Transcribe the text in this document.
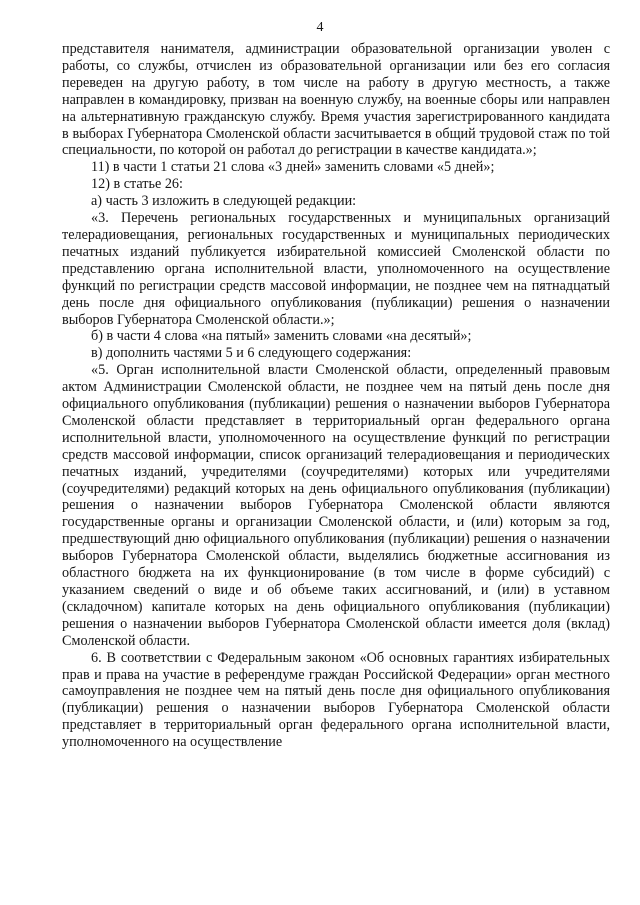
4

представителя нанимателя, администрации образовательной организации уволен с работы, со службы, отчислен из образовательной организации или без его согласия переведен на другую работу, в том числе на работу в другую местность, а также направлен в командировку, призван на военную службу, на военные сборы или направлен на альтернативную гражданскую службу. Время участия зарегистрированного кандидата в выборах Губернатора Смоленской области засчитывается в общий трудовой стаж по той специальности, по которой он работал до регистрации в качестве кандидата.»;

11) в части 1 статьи 21 слова «3 дней» заменить словами «5 дней»;

12) в статье 26:

а) часть 3 изложить в следующей редакции:

«3. Перечень региональных государственных и муниципальных организаций телерадиовещания, региональных государственных и муниципальных периодических печатных изданий публикуется избирательной комиссией Смоленской области по представлению органа исполнительной власти, уполномоченного на осуществление функций по регистрации средств массовой информации, не позднее чем на пятнадцатый день после дня официального опубликования (публикации) решения о назначении выборов Губернатора Смоленской области.»;

б) в части 4 слова «на пятый» заменить словами «на десятый»;

в) дополнить частями 5 и 6 следующего содержания:

«5. Орган исполнительной власти Смоленской области, определенный правовым актом Администрации Смоленской области, не позднее чем на пятый день после дня официального опубликования (публикации) решения о назначении выборов Губернатора Смоленской области представляет в территориальный орган федерального органа исполнительной власти, уполномоченного на осуществление функций по регистрации средств массовой информации, список организаций телерадиовещания и периодических печатных изданий, учредителями (соучредителями) которых или учредителями (соучредителями) редакций которых на день официального опубликования (публикации) решения о назначении выборов Губернатора Смоленской области являются государственные органы и организации Смоленской области, и (или) которым за год, предшествующий дню официального опубликования (публикации) решения о назначении выборов Губернатора Смоленской области, выделялись бюджетные ассигнования из областного бюджета на их функционирование (в том числе в форме субсидий) с указанием сведений о виде и об объеме таких ассигнований, и (или) в уставном (складочном) капитале которых на день официального опубликования (публикации) решения о назначении выборов Губернатора Смоленской области имеется доля (вклад) Смоленской области.

6. В соответствии с Федеральным законом «Об основных гарантиях избирательных прав и права на участие в референдуме граждан Российской Федерации» орган местного самоуправления не позднее чем на пятый день после дня официального опубликования (публикации) решения о назначении выборов Губернатора Смоленской области представляет в территориальный орган федерального органа исполнительной власти, уполномоченного на осуществление
